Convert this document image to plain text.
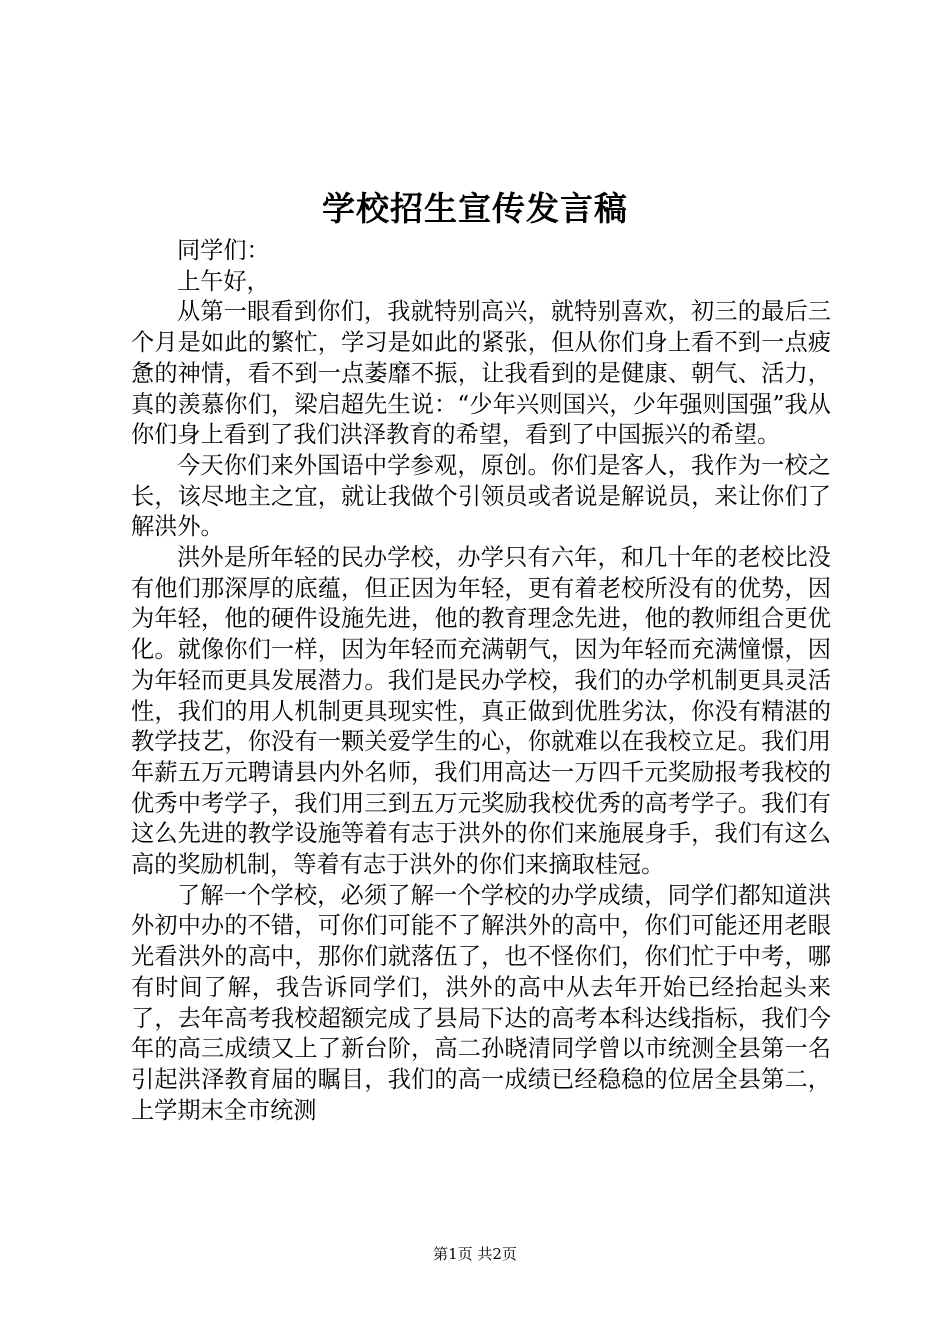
学校招生宣传发言稿

同学们：

上午好，

从第一眼看到你们，我就特别高兴，就特别喜欢，初三的最后三个月是如此的繁忙，学习是如此的紧张，但从你们身上看不到一点疲惫的神情，看不到一点萎靡不振，让我看到的是健康、朝气、活力，真的羡慕你们，梁启超先生说：“少年兴则国兴，少年强则国强”我从你们身上看到了我们洪泽教育的希望，看到了中国振兴的希望。

今天你们来外国语中学参观，原创。你们是客人，我作为一校之长，该尽地主之宜，就让我做个引领员或者说是解说员，来让你们了解洪外。

洪外是所年轻的民办学校，办学只有六年，和几十年的老校比没有他们那深厚的底蕴，但正因为年轻，更有着老校所没有的优势，因为年轻，他的硬件设施先进，他的教育理念先进，他的教师组合更优化。就像你们一样，因为年轻而充满朝气，因为年轻而充满憧憬，因为年轻而更具发展潜力。我们是民办学校，我们的办学机制更具灵活性，我们的用人机制更具现实性，真正做到优胜劣汰，你没有精湛的教学技艺，你没有一颗关爱学生的心，你就难以在我校立足。我们用年薪五万元聘请县内外名师，我们用高达一万四千元奖励报考我校的优秀中考学子，我们用三到五万元奖励我校优秀的高考学子。我们有这么先进的教学设施等着有志于洪外的你们来施展身手，我们有这么高的奖励机制，等着有志于洪外的你们来摘取桂冠。

了解一个学校，必须了解一个学校的办学成绩，同学们都知道洪外初中办的不错，可你们可能不了解洪外的高中，你们可能还用老眼光看洪外的高中，那你们就落伍了，也不怪你们，你们忙于中考，哪有时间了解，我告诉同学们，洪外的高中从去年开始已经抬起头来了，去年高考我校超额完成了县局下达的高考本科达线指标，我们今年的高三成绩又上了新台阶，高二孙晓清同学曾以市统测全县第一名引起洪泽教育届的瞩目，我们的高一成绩已经稳稳的位居全县第二，上学期末全市统测

第1页 共2页
